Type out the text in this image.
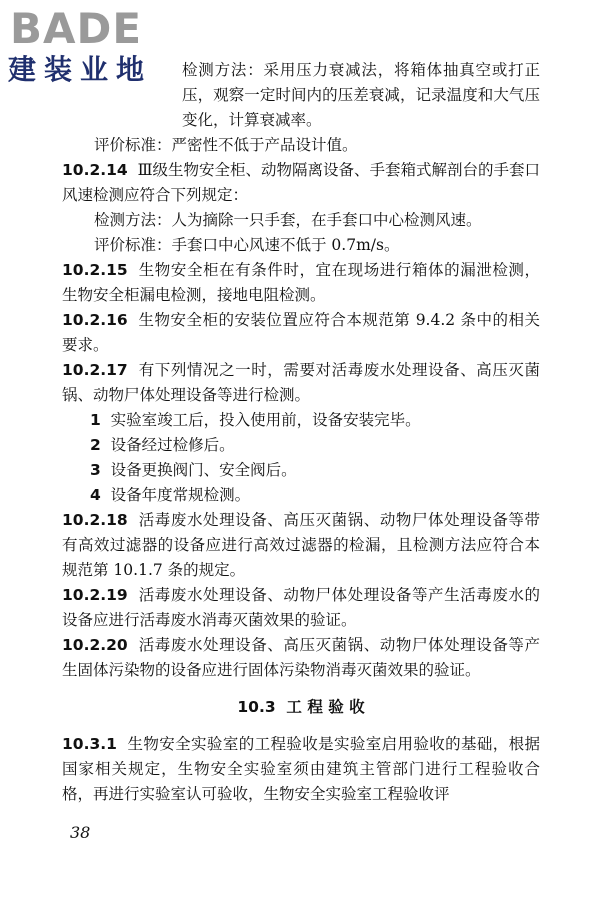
BADE
建装业地	检测方法：采用压力衰减法，将箱体抽真空或打正压，观察一定时间内的压差衰减，记录温度和大气压变化，计算衰减率。

评价标准：严密性不低于产品设计值。

10.2.14 Ⅲ级生物安全柜、动物隔离设备、手套箱式解剖台的手套口风速检测应符合下列规定：

检测方法：人为摘除一只手套，在手套口中心检测风速。

评价标准：手套口中心风速不低于 0.7m/s。

10.2.15 生物安全柜在有条件时，宜在现场进行箱体的漏泄检测，生物安全柜漏电检测，接地电阻检测。

10.2.16 生物安全柜的安装位置应符合本规范第 9.4.2 条中的相关要求。

10.2.17 有下列情况之一时，需要对活毒废水处理设备、高压灭菌锅、动物尸体处理设备等进行检测。

1 实验室竣工后，投入使用前，设备安装完毕。

2 设备经过检修后。

3 设备更换阀门、安全阀后。

4 设备年度常规检测。

10.2.18 活毒废水处理设备、高压灭菌锅、动物尸体处理设备等带有高效过滤器的设备应进行高效过滤器的检漏，且检测方法应符合本规范第 10.1.7 条的规定。

10.2.19 活毒废水处理设备、动物尸体处理设备等产生活毒废水的设备应进行活毒废水消毒灭菌效果的验证。

10.2.20 活毒废水处理设备、高压灭菌锅、动物尸体处理设备等产生固体污染物的设备应进行固体污染物消毒灭菌效果的验证。

10.3 工 程 验 收

10.3.1 生物安全实验室的工程验收是实验室启用验收的基础，根据国家相关规定，生物安全实验室须由建筑主管部门进行工程验收合格，再进行实验室认可验收，生物安全实验室工程验收评

38
